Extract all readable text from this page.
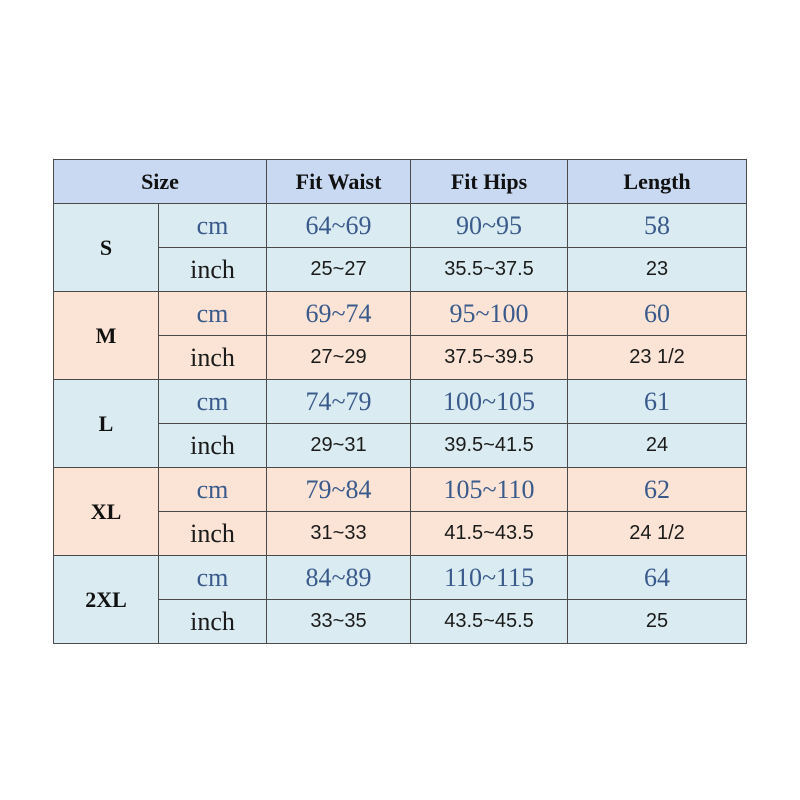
Size		Fit Waist	Fit Hips	Length
S	cm	64~69	90~95	58
	inch	25~27	35.5~37.5	23
M	cm	69~74	95~100	60
	inch	27~29	37.5~39.5	23 1/2
L	cm	74~79	100~105	61
	inch	29~31	39.5~41.5	24
XL	cm	79~84	105~110	62
	inch	31~33	41.5~43.5	24 1/2
2XL	cm	84~89	110~115	64
	inch	33~35	43.5~45.5	25
